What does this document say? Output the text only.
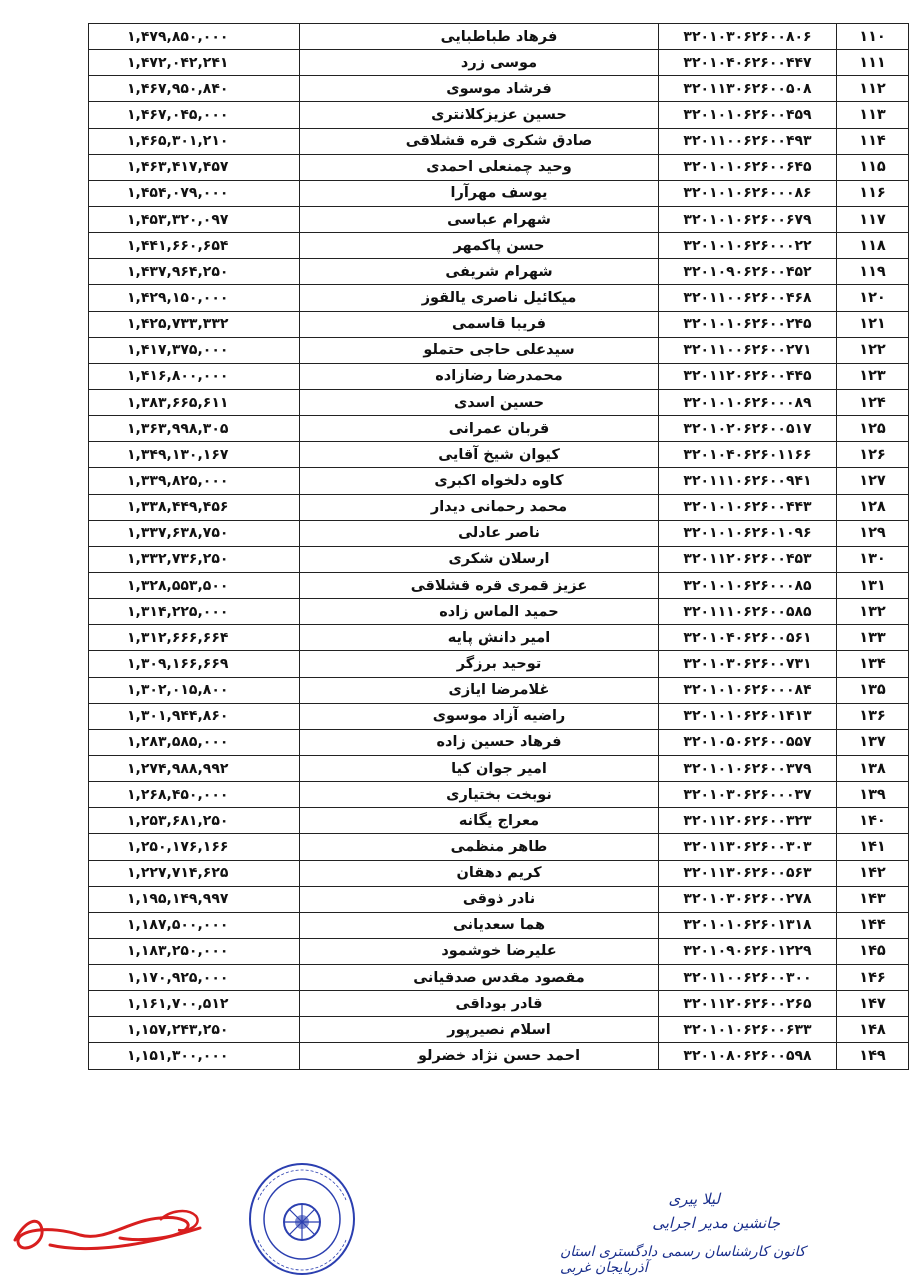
۱۱۰	۳۲۰۱۰۳۰۶۲۶۰۰۸۰۶	فرهاد طباطبایی	۱,۴۷۹,۸۵۰,۰۰۰
۱۱۱	۳۲۰۱۰۴۰۶۲۶۰۰۴۴۷	موسی زرد	۱,۴۷۲,۰۴۲,۲۴۱
۱۱۲	۳۲۰۱۱۳۰۶۲۶۰۰۵۰۸	فرشاد موسوی	۱,۴۶۷,۹۵۰,۸۴۰
۱۱۳	۳۲۰۱۰۱۰۶۲۶۰۰۴۵۹	حسین عزیزکلانتری	۱,۴۶۷,۰۴۵,۰۰۰
۱۱۴	۳۲۰۱۱۰۰۶۲۶۰۰۴۹۳	صادق شکری قره قشلاقی	۱,۴۶۵,۳۰۱,۲۱۰
۱۱۵	۳۲۰۱۰۱۰۶۲۶۰۰۶۴۵	وحید چمنعلی احمدی	۱,۴۶۳,۴۱۷,۴۵۷
۱۱۶	۳۲۰۱۰۱۰۶۲۶۰۰۰۸۶	یوسف مهرآرا	۱,۴۵۴,۰۷۹,۰۰۰
۱۱۷	۳۲۰۱۰۱۰۶۲۶۰۰۶۷۹	شهرام عباسی	۱,۴۵۳,۳۲۰,۰۹۷
۱۱۸	۳۲۰۱۰۱۰۶۲۶۰۰۰۲۲	حسن پاکمهر	۱,۴۴۱,۶۶۰,۶۵۴
۱۱۹	۳۲۰۱۰۹۰۶۲۶۰۰۴۵۲	شهرام شریفی	۱,۴۳۷,۹۶۴,۲۵۰
۱۲۰	۳۲۰۱۱۰۰۶۲۶۰۰۴۶۸	میکائیل ناصری یالقوز	۱,۴۲۹,۱۵۰,۰۰۰
۱۲۱	۳۲۰۱۰۱۰۶۲۶۰۰۲۴۵	فریبا قاسمی	۱,۴۲۵,۷۳۳,۳۳۲
۱۲۲	۳۲۰۱۱۰۰۶۲۶۰۰۲۷۱	سیدعلی حاجی حتملو	۱,۴۱۷,۳۷۵,۰۰۰
۱۲۳	۳۲۰۱۱۲۰۶۲۶۰۰۴۴۵	محمدرضا رضازاده	۱,۴۱۶,۸۰۰,۰۰۰
۱۲۴	۳۲۰۱۰۱۰۶۲۶۰۰۰۸۹	حسین اسدی	۱,۳۸۳,۶۶۵,۶۱۱
۱۲۵	۳۲۰۱۰۲۰۶۲۶۰۰۵۱۷	قربان عمرانی	۱,۳۶۳,۹۹۸,۳۰۵
۱۲۶	۳۲۰۱۰۴۰۶۲۶۰۱۱۶۶	کیوان شیخ آقایی	۱,۳۴۹,۱۳۰,۱۶۷
۱۲۷	۳۲۰۱۱۱۰۶۲۶۰۰۹۴۱	کاوه دلخواه اکبری	۱,۳۳۹,۸۲۵,۰۰۰
۱۲۸	۳۲۰۱۰۱۰۶۲۶۰۰۴۴۳	محمد رحمانی دیدار	۱,۳۳۸,۴۴۹,۴۵۶
۱۲۹	۳۲۰۱۰۱۰۶۲۶۰۱۰۹۶	ناصر عادلی	۱,۳۳۷,۶۳۸,۷۵۰
۱۳۰	۳۲۰۱۱۲۰۶۲۶۰۰۴۵۳	ارسلان شکری	۱,۳۳۲,۷۳۶,۲۵۰
۱۳۱	۳۲۰۱۰۱۰۶۲۶۰۰۰۸۵	عزیز قمری قره قشلاقی	۱,۳۲۸,۵۵۳,۵۰۰
۱۳۲	۳۲۰۱۱۱۰۶۲۶۰۰۵۸۵	حمید الماس زاده	۱,۳۱۴,۲۲۵,۰۰۰
۱۳۳	۳۲۰۱۰۴۰۶۲۶۰۰۵۶۱	امیر دانش پایه	۱,۳۱۲,۶۶۶,۶۶۴
۱۳۴	۳۲۰۱۰۳۰۶۲۶۰۰۷۳۱	توحید برزگر	۱,۳۰۹,۱۶۶,۶۶۹
۱۳۵	۳۲۰۱۰۱۰۶۲۶۰۰۰۸۴	غلامرضا ایازی	۱,۳۰۲,۰۱۵,۸۰۰
۱۳۶	۳۲۰۱۰۱۰۶۲۶۰۱۴۱۳	راضیه آزاد موسوی	۱,۳۰۱,۹۴۴,۸۶۰
۱۳۷	۳۲۰۱۰۵۰۶۲۶۰۰۵۵۷	فرهاد حسین زاده	۱,۲۸۳,۵۸۵,۰۰۰
۱۳۸	۳۲۰۱۰۱۰۶۲۶۰۰۳۷۹	امیر جوان کیا	۱,۲۷۴,۹۸۸,۹۹۲
۱۳۹	۳۲۰۱۰۳۰۶۲۶۰۰۰۳۷	نوبخت بختیاری	۱,۲۶۸,۴۵۰,۰۰۰
۱۴۰	۳۲۰۱۱۲۰۶۲۶۰۰۳۲۳	معراج یگانه	۱,۲۵۳,۶۸۱,۲۵۰
۱۴۱	۳۲۰۱۱۳۰۶۲۶۰۰۳۰۳	طاهر منظمی	۱,۲۵۰,۱۷۶,۱۶۶
۱۴۲	۳۲۰۱۱۳۰۶۲۶۰۰۵۶۳	کریم دهقان	۱,۲۲۷,۷۱۴,۶۲۵
۱۴۳	۳۲۰۱۰۳۰۶۲۶۰۰۲۷۸	نادر ذوقی	۱,۱۹۵,۱۴۹,۹۹۷
۱۴۴	۳۲۰۱۰۱۰۶۲۶۰۱۳۱۸	هما سعدیانی	۱,۱۸۷,۵۰۰,۰۰۰
۱۴۵	۳۲۰۱۰۹۰۶۲۶۰۱۲۲۹	علیرضا خوشمود	۱,۱۸۳,۲۵۰,۰۰۰
۱۴۶	۳۲۰۱۱۰۰۶۲۶۰۰۳۰۰	مقصود مقدس صدقیانی	۱,۱۷۰,۹۲۵,۰۰۰
۱۴۷	۳۲۰۱۱۲۰۶۲۶۰۰۲۶۵	قادر بوداقی	۱,۱۶۱,۷۰۰,۵۱۲
۱۴۸	۳۲۰۱۰۱۰۶۲۶۰۰۶۳۳	اسلام نصیرپور	۱,۱۵۷,۲۴۳,۲۵۰
۱۴۹	۳۲۰۱۰۸۰۶۲۶۰۰۵۹۸	احمد حسن نژاد خضرلو	۱,۱۵۱,۳۰۰,۰۰۰
لیلا پیری
جانشین مدیر اجرایی
کانون کارشناسان رسمی دادگستری استان آذربایجان غربی
